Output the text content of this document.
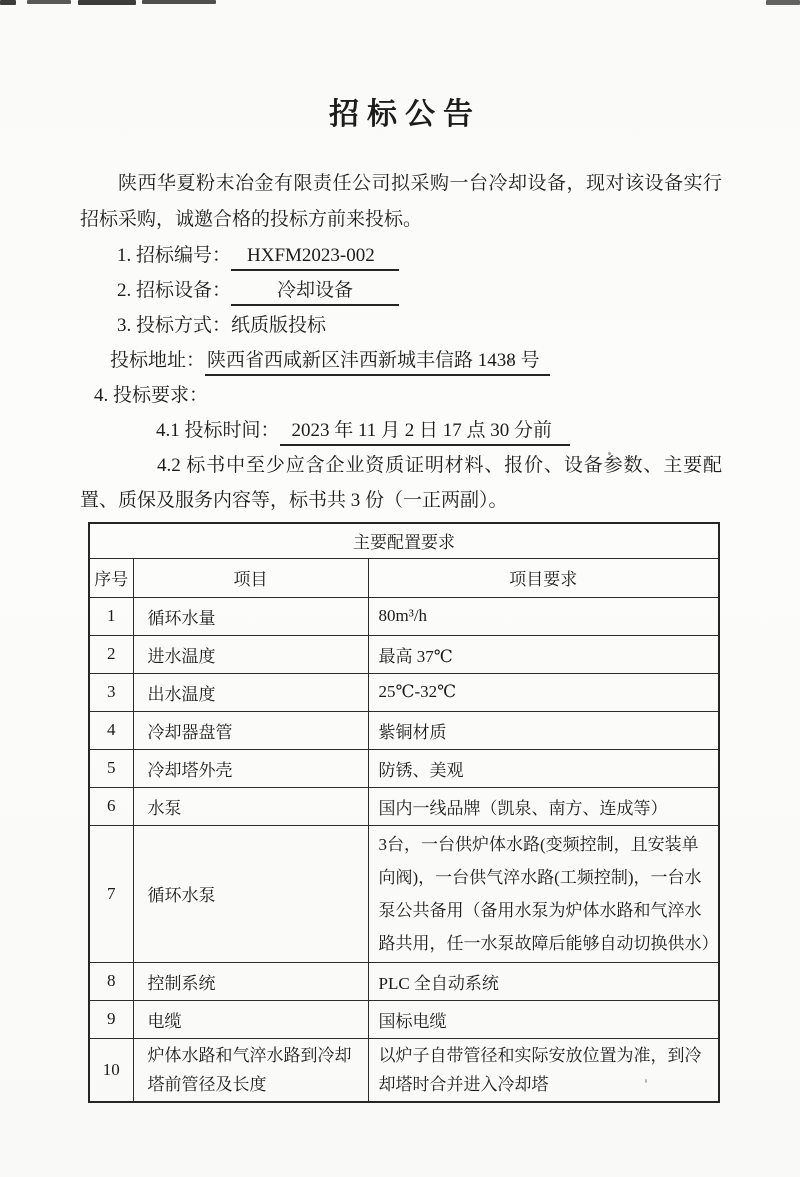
招标公告

陕西华夏粉末冶金有限责任公司拟采购一台冷却设备，现对该设备实行招标采购，诚邀合格的投标方前来投标。

1. 招标编号： HXFM2023-002
2. 招标设备： 冷却设备
3. 投标方式：纸质版投标
投标地址： 陕西省西咸新区沣西新城丰信路 1438 号
4. 投标要求：
4.1 投标时间： 2023 年 11 月 2 日 17 点 30 分前

4.2 标书中至少应含企业资质证明材料、报价、设备参数、主要配置、质保及服务内容等，标书共 3 份（一正两副）。

主要配置要求		
序号	项目	项目要求
1	循环水量	80m³/h
2	进水温度	最高 37℃
3	出水温度	25℃-32℃
4	冷却器盘管	紫铜材质
5	冷却塔外壳	防锈、美观
6	水泵	国内一线品牌（凯泉、南方、连成等）
7	循环水泵	3台，一台供炉体水路(变频控制，且安装单向阀)，一台供气淬水路(工频控制)，一台水泵公共备用（备用水泵为炉体水路和气淬水路共用，任一水泵故障后能够自动切换供水）
8	控制系统	PLC 全自动系统
9	电缆	国标电缆
10	炉体水路和气淬水路到冷却塔前管径及长度	以炉子自带管径和实际安放位置为准，到冷却塔时合并进入冷却塔
